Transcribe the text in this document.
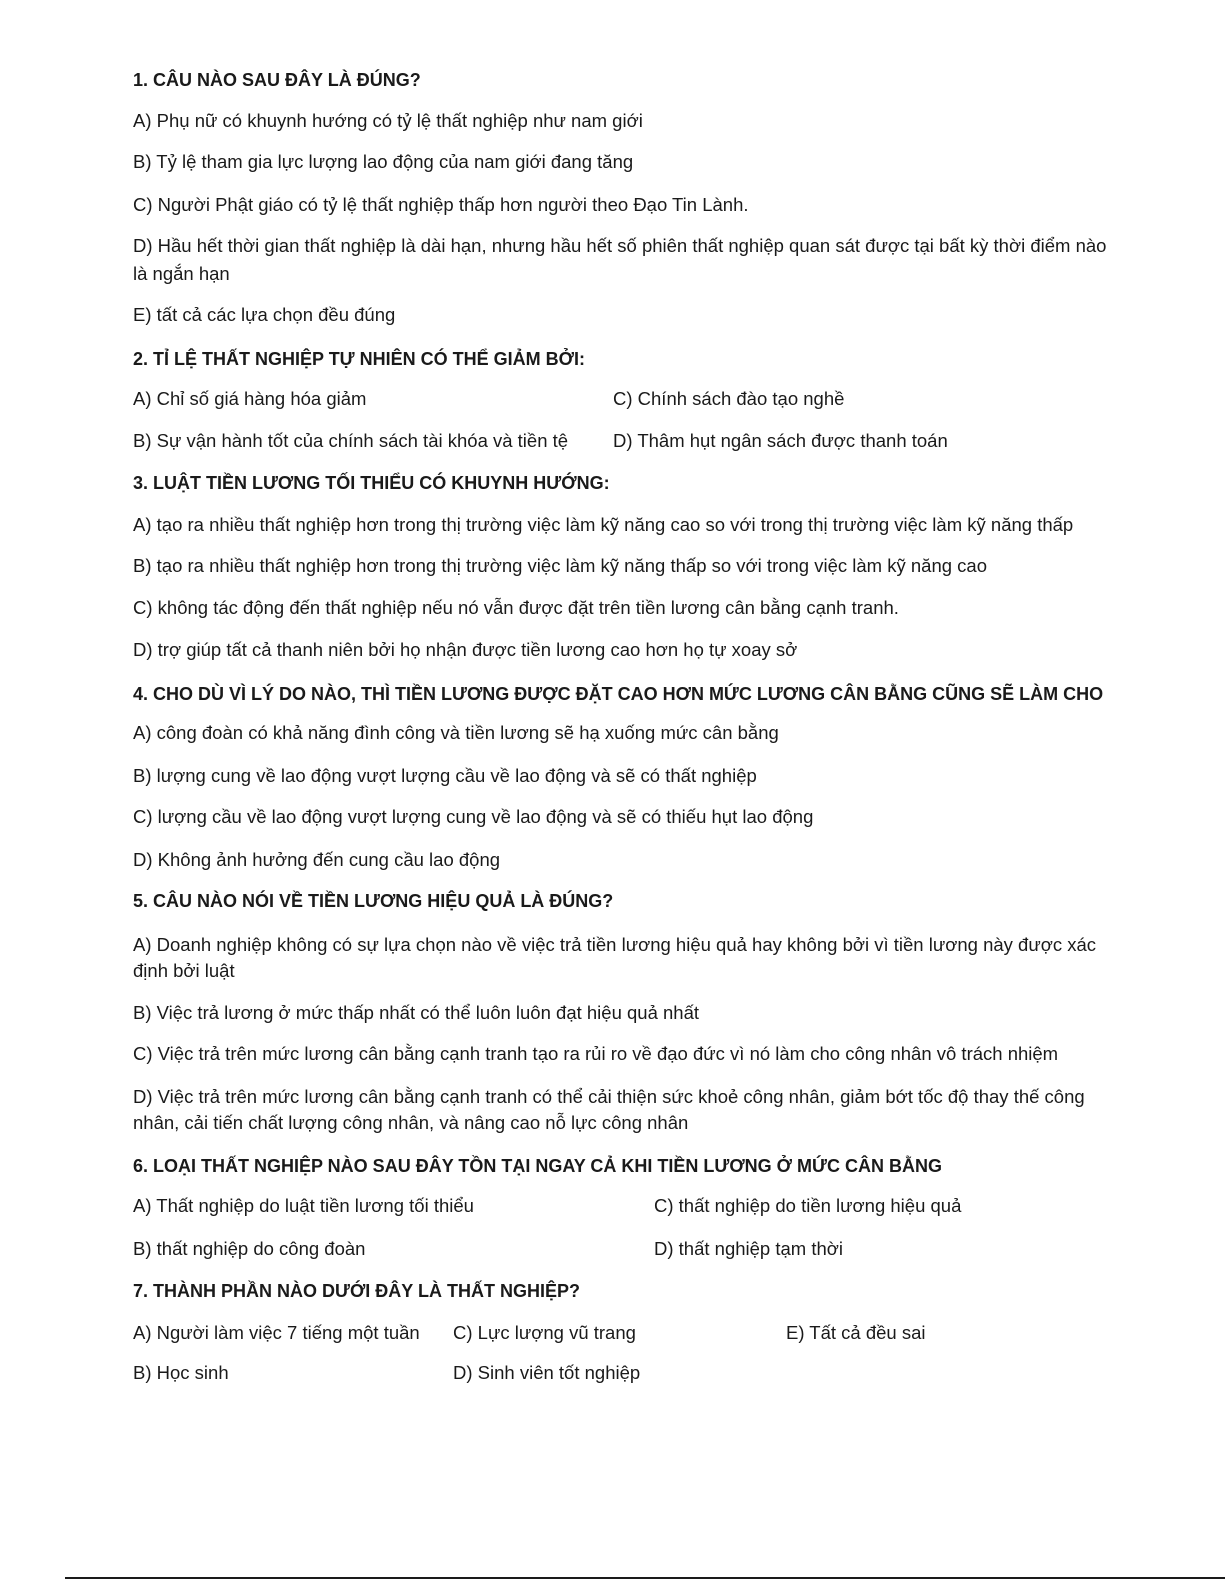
1. CÂU NÀO SAU ĐÂY LÀ ĐÚNG?
A) Phụ nữ có khuynh hướng có tỷ lệ thất nghiệp như nam giới
B) Tỷ lệ tham gia lực lượng lao động của nam giới đang tăng
C) Người Phật giáo có tỷ lệ thất nghiệp thấp hơn người theo Đạo Tin Lành.
D) Hầu hết thời gian thất nghiệp là dài hạn, nhưng hầu hết số phiên thất nghiệp quan sát được tại bất kỳ thời điểm nào là ngắn hạn
E) tất cả các lựa chọn đều đúng
2. TỈ LỆ THẤT NGHIỆP TỰ NHIÊN CÓ THỂ GIẢM BỞI:
A) Chỉ số giá hàng hóa giảm	C) Chính sách đào tạo nghề
B) Sự vận hành tốt của chính sách tài khóa và tiền tệ D) Thâm hụt ngân sách được thanh toán
3. LUẬT TIỀN LƯƠNG TỐI THIỂU CÓ KHUYNH HƯỚNG:
A) tạo ra nhiều thất nghiệp hơn trong thị trường việc làm kỹ năng cao so với trong thị trường việc làm kỹ năng thấp
B) tạo ra nhiều thất nghiệp hơn trong thị trường việc làm kỹ năng thấp so với trong việc làm kỹ năng cao
C) không tác động đến thất nghiệp nếu nó vẫn được đặt trên tiền lương cân bằng cạnh tranh.
D) trợ giúp tất cả thanh niên bởi họ nhận được tiền lương cao hơn họ tự xoay sở
4. CHO DÙ VÌ LÝ DO NÀO, THÌ TIỀN LƯƠNG ĐƯỢC ĐẶT CAO HƠN MỨC LƯƠNG CÂN BẰNG CŨNG SẼ LÀM CHO
A) công đoàn có khả năng đình công và tiền lương sẽ hạ xuống mức cân bằng
B) lượng cung về lao động vượt lượng cầu về lao động và sẽ có thất nghiệp
C) lượng cầu về lao động vượt lượng cung về lao động và sẽ có thiếu hụt lao động
D) Không ảnh hưởng đến cung cầu lao động
5. CÂU NÀO NÓI VỀ TIỀN LƯƠNG HIỆU QUẢ LÀ ĐÚNG?
A) Doanh nghiệp không có sự lựa chọn nào về việc trả tiền lương hiệu quả hay không bởi vì tiền lương này được xác định bởi luật
B) Việc trả lương ở mức thấp nhất có thể luôn luôn đạt hiệu quả nhất
C) Việc trả trên mức lương cân bằng cạnh tranh tạo ra rủi ro về đạo đức vì nó làm cho công nhân vô trách nhiệm
D) Việc trả trên mức lương cân bằng cạnh tranh có thể cải thiện sức khoẻ công nhân, giảm bớt tốc độ thay thế công nhân, cải tiến chất lượng công nhân, và nâng cao nỗ lực công nhân
6. LOẠI THẤT NGHIỆP NÀO SAU ĐÂY TỒN TẠI NGAY CẢ KHI TIỀN LƯƠNG Ở MỨC CÂN BẰNG
A) Thất nghiệp do luật tiền lương tối thiểu	C) thất nghiệp do tiền lương hiệu quả
B) thất nghiệp do công đoàn	D) thất nghiệp tạm thời
7. THÀNH PHẦN NÀO DƯỚI ĐÂY LÀ THẤT NGHIỆP?
A) Người làm việc 7 tiếng một tuần C) Lực lượng vũ trang	E) Tất cả đều sai
B) Học sinh	D) Sinh viên tốt nghiệp
